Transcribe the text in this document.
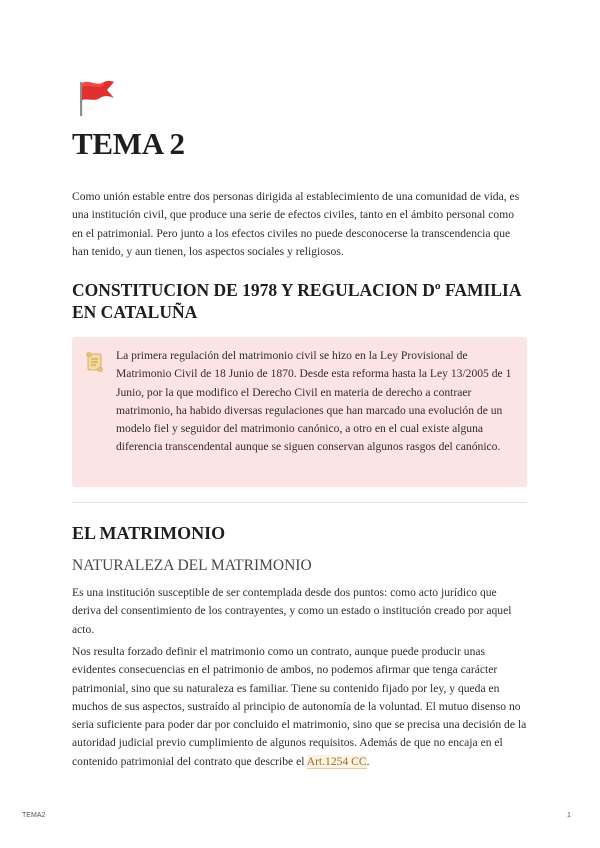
TEMA 2

Como unión estable entre dos personas dirigida al establecimiento de una comunidad de vida, es una institución civil, que produce una serie de efectos civiles, tanto en el ámbito personal como en el patrimonial. Pero junto a los efectos civiles no puede desconocerse la transcendencia que han tenido, y aun tienen, los aspectos sociales y religiosos.

CONSTITUCION DE 1978 Y REGULACION Dº FAMILIA EN CATALUÑA

La primera regulación del matrimonio civil se hizo en la Ley Provisional de Matrimonio Civil de 18 Junio de 1870. Desde esta reforma hasta la Ley 13/2005 de 1 Junio, por la que modifico el Derecho Civil en materia de derecho a contraer matrimonio, ha habido diversas regulaciones que han marcado una evolución de un modelo fiel y seguidor del matrimonio canónico, a otro en el cual existe alguna diferencia transcendental aunque se siguen conservan algunos rasgos del canónico.

EL MATRIMONIO
NATURALEZA DEL MATRIMONIO

Es una institución susceptible de ser contemplada desde dos puntos: como acto jurídico que deriva del consentimiento de los contrayentes, y como un estado o institución creado por aquel acto.

Nos resulta forzado definir el matrimonio como un contrato, aunque puede producir unas evidentes consecuencias en el patrimonio de ambos, no podemos afirmar que tenga carácter patrimonial, sino que su naturaleza es familiar. Tiene su contenido fijado por ley, y queda en muchos de sus aspectos, sustraído al principio de autonomía de la voluntad. El mutuo disenso no seria suficiente para poder dar por concluido el matrimonio, sino que se precisa una decisión de la autoridad judicial previo cumplimiento de algunos requisitos. Además de que no encaja en el contenido patrimonial del contrato que describe el Art.1254 CC.

TEMA2	1
